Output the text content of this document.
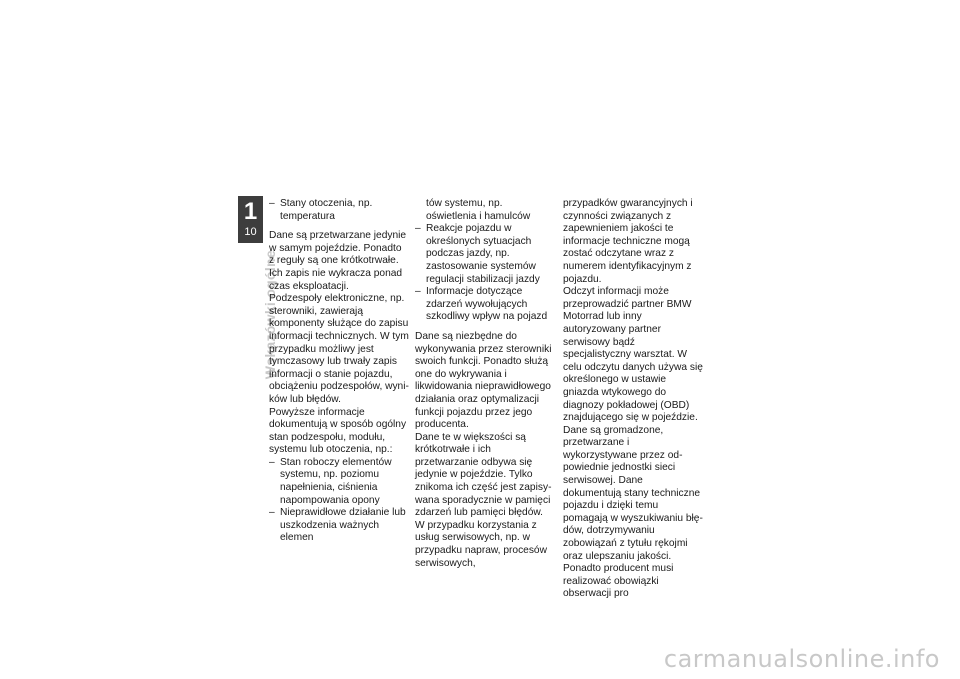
1
10
Wskazówki ogólne
– Stany otoczenia, np. temperatura

Dane są przetwarzane jedynie w samym pojeździe. Ponadto z reguły są one krótkotrwałe. Ich zapis nie wykracza ponad czas eksploatacji.

Podzespoły elektroniczne, np. sterowniki, zawierają komponenty służące do zapisu informacji technicznych. W tym przypadku możliwy jest tymczasowy lub trwały zapis informacji o stanie pojazdu, obciążeniu podzespołów, wyników lub błędów.

Powyższe informacje dokumentują w sposób ogólny stan podzespołu, modułu, systemu lub otoczenia, np.:

– Stan roboczy elementów systemu, np. poziomu napełnienia, ciśnienia napompowania opony
– Nieprawidłowe działanie lub uszkodzenia ważnych elemen
tów systemu, np. oświetlenia i hamulców
– Reakcje pojazdu w określonych sytuacjach podczas jazdy, np. zastosowanie systemów regulacji stabilizacji jazdy
– Informacje dotyczące zdarzeń wywołujących szkodliwy wpływ na pojazd

Dane są niezbędne do wykonywania przez sterowniki swoich funkcji. Ponadto służą one do wykrywania i likwidowania nieprawidłowego działania oraz optymalizacji funkcji pojazdu przez jego producenta.

Dane te w większości są krótkotrwałe i ich przetwarzanie odbywa się jedynie w pojeździe. Tylko znikoma ich część jest zapisywana sporadycznie w pamięci zdarzeń lub pamięci błędów.

W przypadku korzystania z usług serwisowych, np. w przypadku napraw, procesów serwisowych,

przypadków gwarancyjnych i czynności związanych z zapewnieniem jakości te informacje techniczne mogą zostać odczytane wraz z numerem identyfikacyjnym z pojazdu.

Odczyt informacji może przeprowadzić partner BMW Motorrad lub inny autoryzowany partner serwisowy bądź specjalistyczny warsztat. W celu odczytu danych używa się określonego w ustawie gniazda wtykowego do diagnozy pokładowej (OBD) znajdującego się w pojeździe.

Dane są gromadzone, przetwarzane i wykorzystywane przez odpowiednie jednostki sieci serwisowej. Dane dokumentują stany techniczne pojazdu i dzięki temu pomagają w wyszukiwaniu błędów, dotrzymywaniu zobowiązań z tytułu rękojmi oraz ulepszaniu jakości.

Ponadto producent musi realizować obowiązki obserwacji pro

carmanualsonline.info
